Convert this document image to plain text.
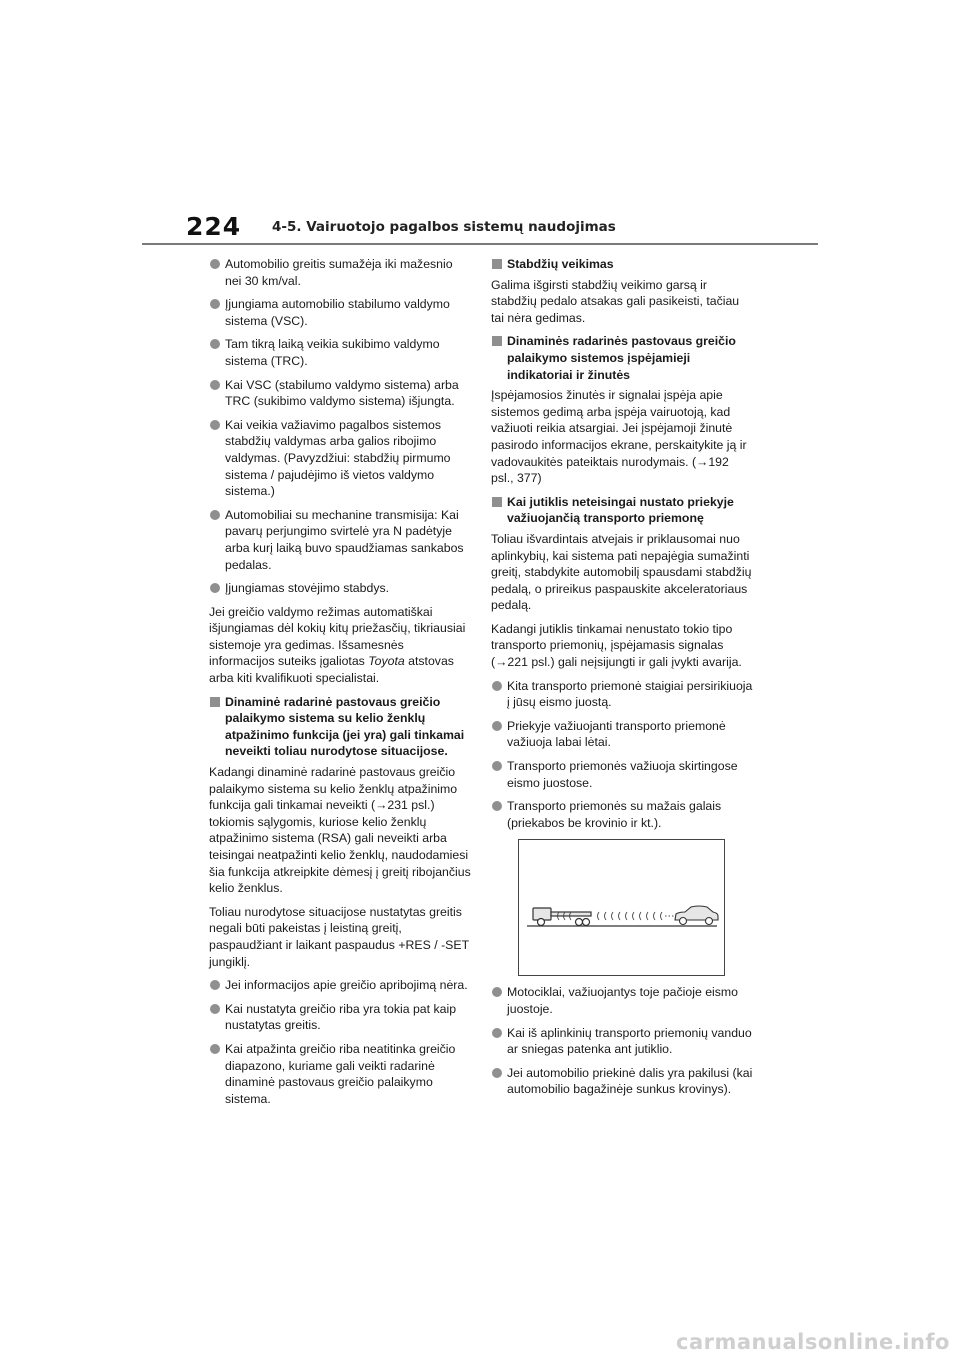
224 4-5. Vairuotojo pagalbos sistemų naudojimas
Automobilio greitis sumažėja iki mažesnio nei 30 km/val.
Įjungiama automobilio stabilumo valdymo sistema (VSC).
Tam tikrą laiką veikia sukibimo valdymo sistema (TRC).
Kai VSC (stabilumo valdymo sistema) arba TRC (sukibimo valdymo sistema) išjungta.
Kai veikia važiavimo pagalbos sistemos stabdžių valdymas arba galios ribojimo valdymas. (Pavyzdžiui: stabdžių pirmumo sistema / pajudėjimo iš vietos valdymo sistema.)
Automobiliai su mechanine transmisija: Kai pavarų perjungimo svirtelė yra N padėtyje arba kurį laiką buvo spaudžiamas sankabos pedalas.
Įjungiamas stovėjimo stabdys.

Jei greičio valdymo režimas automatiškai išjungiamas dėl kokių kitų priežasčių, tikriausiai sistemoje yra gedimas. Išsamesnės informacijos suteiks įgaliotas Toyota atstovas arba kiti kvalifikuoti specialistai.

Dinaminė radarinė pastovaus greičio palaikymo sistema su kelio ženklų atpažinimo funkcija (jei yra) gali tinkamai neveikti toliau nurodytose situacijose.

Kadangi dinaminė radarinė pastovaus greičio palaikymo sistema su kelio ženklų atpažinimo funkcija gali tinkamai neveikti (→231 psl.) tokiomis sąlygomis, kuriose kelio ženklų atpažinimo sistema (RSA) gali neveikti arba teisingai neatpažinti kelio ženklų, naudodamiesi šia funkcija atkreipkite dėmesį į greitį ribojančius kelio ženklus.

Toliau nurodytose situacijose nustatytas greitis negali būti pakeistas į leistiną greitį, paspaudžiant ir laikant paspaudus +RES / -SET jungiklį.

Jei informacijos apie greičio apribojimą nėra.
Kai nustatyta greičio riba yra tokia pat kaip nustatytas greitis.
Kai atpažinta greičio riba neatitinka greičio diapazono, kuriame gali veikti radarinė dinaminė pastovaus greičio palaikymo sistema.
Stabdžių veikimas

Galima išgirsti stabdžių veikimo garsą ir stabdžių pedalo atsakas gali pasikeisti, tačiau tai nėra gedimas.

Dinaminės radarinės pastovaus greičio palaikymo sistemos įspėjamieji indikatoriai ir žinutės

Įspėjamosios žinutės ir signalai įspėja apie sistemos gedimą arba įspėja vairuotoją, kad važiuoti reikia atsargiai. Jei įspėjamoji žinutė pasirodo informacijos ekrane, perskaitykite ją ir vadovaukitės pateiktais nurodymais. (→192 psl., 377)

Kai jutiklis neteisingai nustato priekyje važiuojančią transporto priemonę

Toliau išvardintais atvejais ir priklausomai nuo aplinkybių, kai sistema pati nepajėgia sumažinti greitį, stabdykite automobilį spausdami stabdžių pedalą, o prireikus paspauskite akceleratoriaus pedalą.

Kadangi jutiklis tinkamai nenustato tokio tipo transporto priemonių, įspėjamasis signalas (→221 psl.) gali neįsijungti ir gali įvykti avarija.

Kita transporto priemonė staigiai persirikiuoja į jūsų eismo juostą.
Priekyje važiuojanti transporto priemonė važiuoja labai lėtai.
Transporto priemonės važiuoja skirtingose eismo juostose.
Transporto priemonės su mažais galais (priekabos be krovinio ir kt.).
Motociklai, važiuojantys toje pačioje eismo juostoje.
Kai iš aplinkinių transporto priemonių vanduo ar sniegas patenka ant jutiklio.
Jei automobilio priekinė dalis yra pakilusi (kai automobilio bagažinėje sunkus krovinys).
carmanualsonline.info
